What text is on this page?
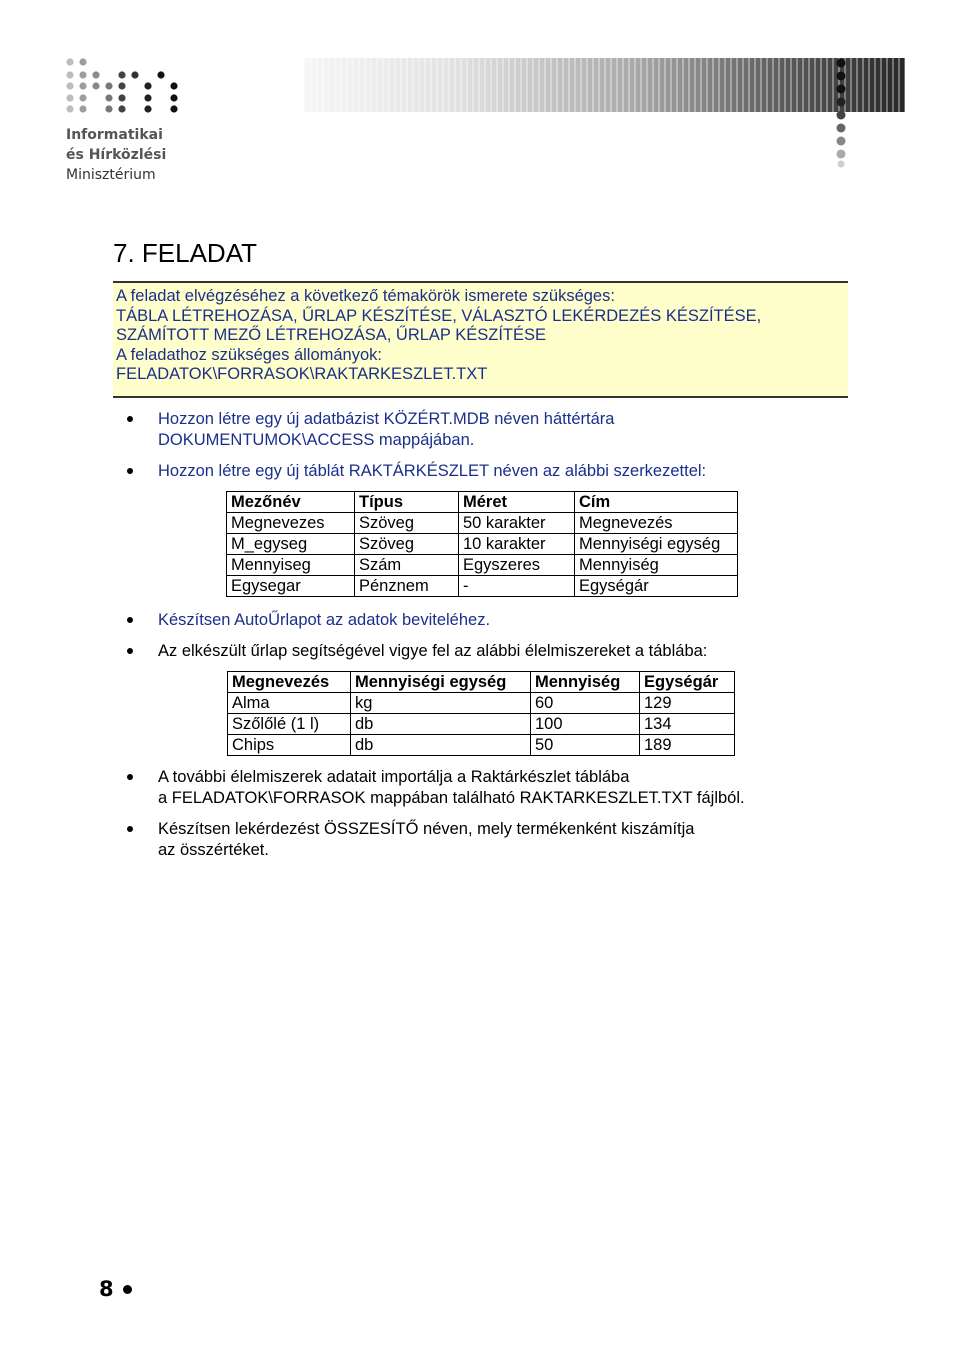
Informatikai
és Hírközlési
Minisztérium
7. FELADAT
A feladat elvégzéséhez a következő témakörök ismerete szükséges:
TÁBLA LÉTREHOZÁSA, ŰRLAP KÉSZÍTÉSE, VÁLASZTÓ LEKÉRDEZÉS KÉSZÍTÉSE,
SZÁMÍTOTT MEZŐ LÉTREHOZÁSA, ŰRLAP KÉSZÍTÉSE
A feladathoz szükséges állományok:
FELADATOK\FORRASOK\RAKTARKESZLET.TXT
Hozzon létre egy új adatbázist KÖZÉRT.MDB néven háttértára
DOKUMENTUMOK\ACCESS mappájában.
Hozzon létre egy új táblát RAKTÁRKÉSZLET néven az alábbi szerkezettel:
Mezőnév	Típus	Méret	Cím
Megnevezes	Szöveg	50 karakter	Megnevezés
M_egyseg	Szöveg	10 karakter	Mennyiségi egység
Mennyiseg	Szám	Egyszeres	Mennyiség
Egysegar	Pénznem	-	Egységár
Készítsen AutoŰrlapot az adatok beviteléhez.
Az elkészült űrlap segítségével vigye fel az alábbi élelmiszereket a táblába:
Megnevezés	Mennyiségi egység	Mennyiség	Egységár
Alma	kg	60	129
Szőlőlé (1 l)	db	100	134
Chips	db	50	189
A további élelmiszerek adatait importálja a Raktárkészlet táblába
a FELADATOK\FORRASOK mappában található RAKTARKESZLET.TXT fájlból.
Készítsen lekérdezést ÖSSZESÍTŐ néven, mely termékenként kiszámítja
az összértéket.
8
